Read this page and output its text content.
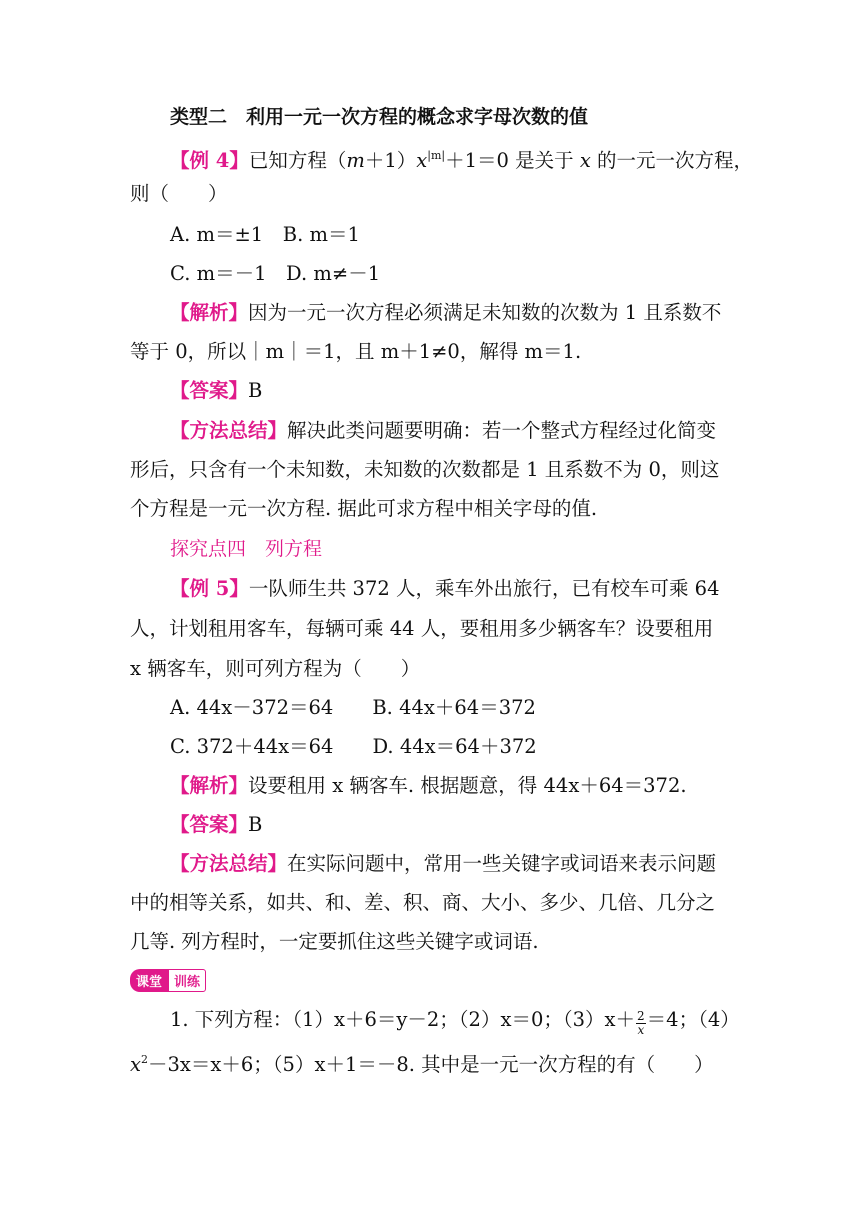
类型二　利用一元一次方程的概念求字母次数的值
【例 4】已知方程$(m+1)x^{|m|}+1=0$ 是关于 x 的一元一次方程，
则（　　）
A. m＝±1　 B. m＝1
C. m＝－1　 D. m≠－1
【解析】因为一元一次方程必须满足未知数的次数为 1 且系数不
等于 0，所以｜m｜＝1，且 m＋1≠0，解得 m＝1.
【答案】B
【方法总结】解决此类问题要明确：若一个整式方程经过化简变
形后，只含有一个未知数，未知数的次数都是 1 且系数不为 0，则这
个方程是一元一次方程. 据此可求方程中相关字母的值.
探究点四　列方程
【例 5】一队师生共 372 人，乘车外出旅行，已有校车可乘 64
人，计划租用客车，每辆可乘 44 人，要租用多少辆客车？设要租用
x 辆客车，则可列方程为（　　）
A. 44x－372＝64　　 B. 44x＋64＝372
C. 372＋44x＝64　　 D. 44x＝64＋372
【解析】设要租用 x 辆客车. 根据题意，得 44x＋64＝372.
【答案】B
【方法总结】在实际问题中，常用一些关键字或词语来表示问题
中的相等关系，如共、和、差、积、商、大小、多少、几倍、几分之
几等. 列方程时，一定要抓住这些关键字或词语.
课堂 训练
1. 下列方程：（1）x＋6＝y－2；（2）x＝0；$(3)x+ \frac{2}{x} =4$；（4）
$x^2-3x=x+6$；（5）x＋1＝－8. 其中是一元一次方程的有（　　）
